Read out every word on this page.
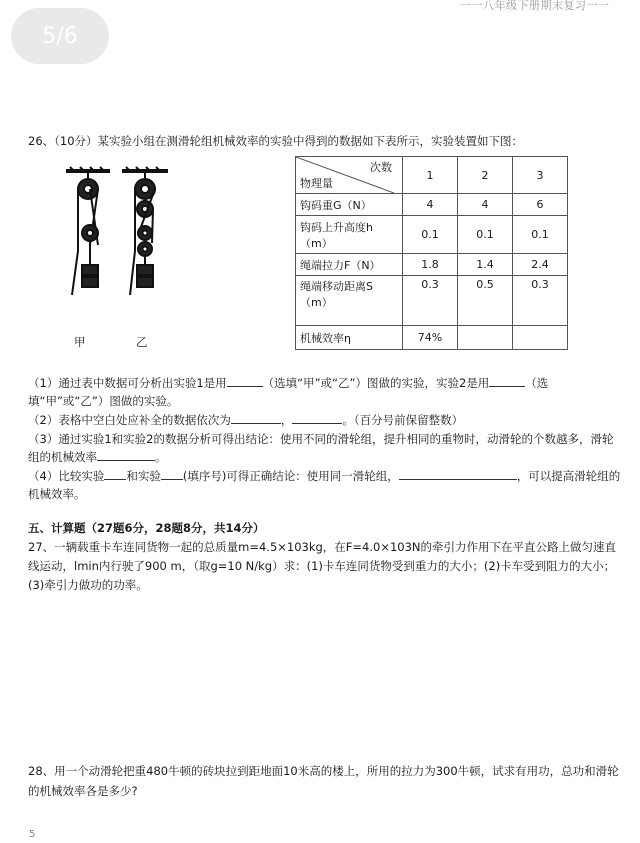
一一八年级下册期末复习一一
5/6
26、（10分）某实验小组在测滑轮组机械效率的实验中得到的数据如下表所示，实验装置如下图：
甲	乙
次数
物理量	1	2	3
钩码重G（N）	4	4	6
钩码上升高度h（m）	0.1	0.1	0.1
绳端拉力F（N）	1.8	1.4	2.4
绳端移动距离S（m）	0.3	0.5	0.3
机械效率η	74%		
（1）通过表中数据可分析出实验1是用	（选填“甲”或“乙”）图做的实验，实验2是用	（选填“甲”或“乙”）图做的实验。
（2）表格中空白处应补全的数据依次为	，	。（百分号前保留整数）
（3）通过实验1和实验2的数据分析可得出结论：使用不同的滑轮组，提升相同的重物时，动滑轮的个数越多，滑轮组的机械效率	。
（4）比较实验 和实验 (填序号)可得正确结论：使用同一滑轮组，	，可以提高滑轮组的机械效率。
五、计算题（27题6分，28题8分，共14分）
27、一辆载重卡车连同货物一起的总质量m=4.5×103kg，在F=4.0×103N的牵引力作用下在平直公路上做匀速直线运动，lmin内行驶了900 m，（取g=10 N/kg）求：(1)卡车连同货物受到重力的大小；(2)卡车受到阻力的大小；(3)牵引力做功的功率。
28、用一个动滑轮把重480牛顿的砖块拉到距地面10米高的楼上，所用的拉力为300牛顿，试求有用功，总功和滑轮的机械效率各是多少?
5
